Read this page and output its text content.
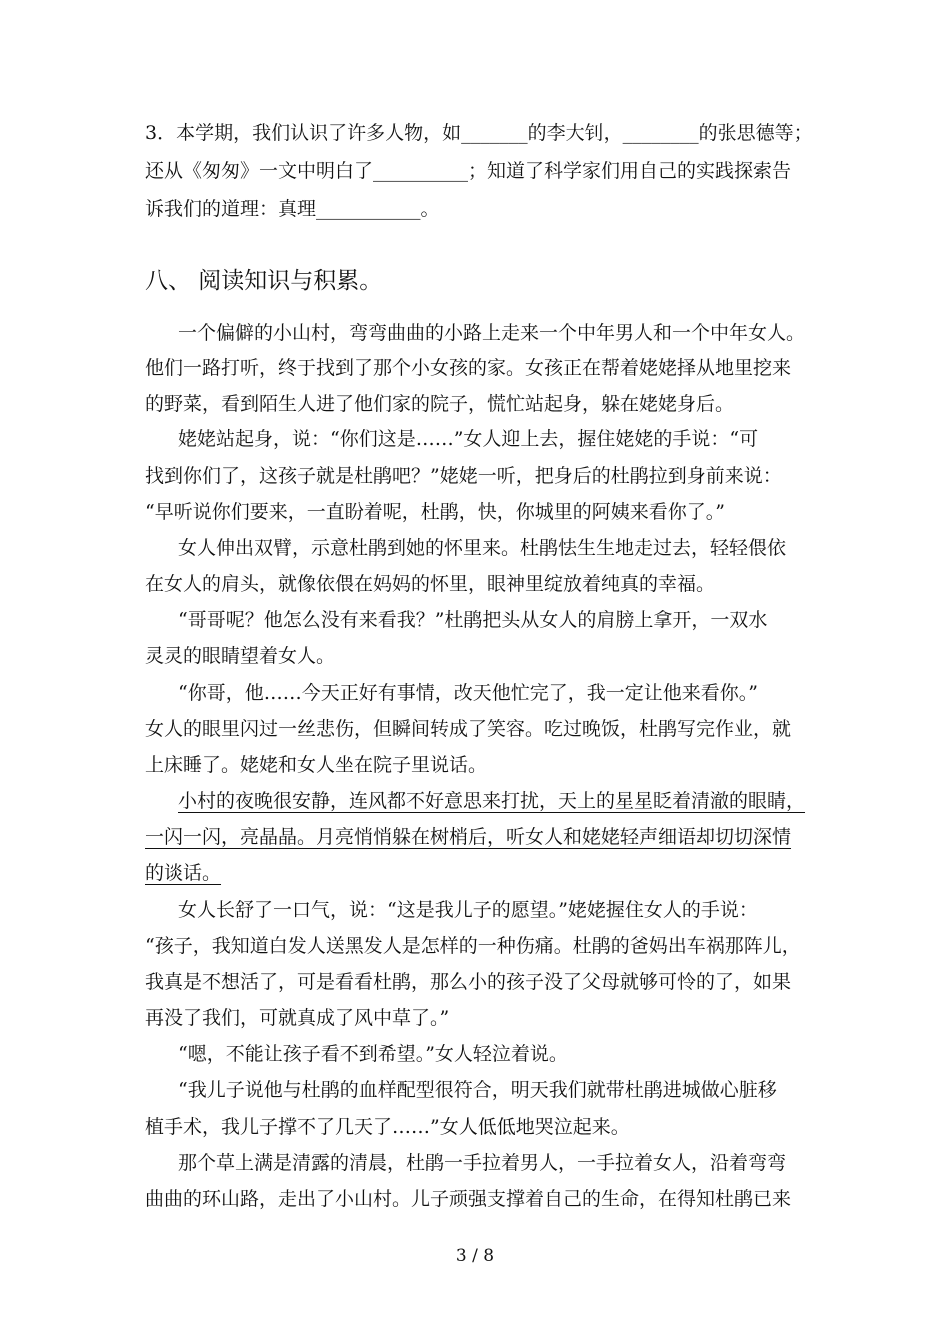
3．本学期，我们认识了许多人物，如_______的李大钊，________的张思德等；
还从《匆匆》一文中明白了__________；知道了科学家们用自己的实践探索告
诉我们的道理：真理___________。
八、 阅读知识与积累。
一个偏僻的小山村，弯弯曲曲的小路上走来一个中年男人和一个中年女人。
他们一路打听，终于找到了那个小女孩的家。女孩正在帮着姥姥择从地里挖来
的野菜，看到陌生人进了他们家的院子，慌忙站起身，躲在姥姥身后。
姥姥站起身，说：“你们这是……”女人迎上去，握住姥姥的手说：“可
找到你们了，这孩子就是杜鹃吧？”姥姥一听，把身后的杜鹃拉到身前来说：
“早听说你们要来，一直盼着呢，杜鹃，快，你城里的阿姨来看你了。”
女人伸出双臂，示意杜鹃到她的怀里来。杜鹃怯生生地走过去，轻轻偎依
在女人的肩头，就像依偎在妈妈的怀里，眼神里绽放着纯真的幸福。
“哥哥呢？他怎么没有来看我？”杜鹃把头从女人的肩膀上拿开，一双水
灵灵的眼睛望着女人。
“你哥，他……今天正好有事情，改天他忙完了，我一定让他来看你。”
女人的眼里闪过一丝悲伤，但瞬间转成了笑容。吃过晚饭，杜鹃写完作业，就
上床睡了。姥姥和女人坐在院子里说话。
小村的夜晚很安静，连风都不好意思来打扰，天上的星星眨着清澈的眼睛，
一闪一闪，亮晶晶。月亮悄悄躲在树梢后，听女人和姥姥轻声细语却切切深情
的谈话。
女人长舒了一口气，说：“这是我儿子的愿望。”姥姥握住女人的手说：
“孩子，我知道白发人送黑发人是怎样的一种伤痛。杜鹃的爸妈出车祸那阵儿，
我真是不想活了，可是看看杜鹃，那么小的孩子没了父母就够可怜的了，如果
再没了我们，可就真成了风中草了。”
“嗯，不能让孩子看不到希望。”女人轻泣着说。
“我儿子说他与杜鹃的血样配型很符合，明天我们就带杜鹃进城做心脏移
植手术，我儿子撑不了几天了……”女人低低地哭泣起来。
那个草上满是清露的清晨，杜鹃一手拉着男人，一手拉着女人，沿着弯弯
曲曲的环山路，走出了小山村。儿子顽强支撑着自己的生命，在得知杜鹃已来
3 / 8
